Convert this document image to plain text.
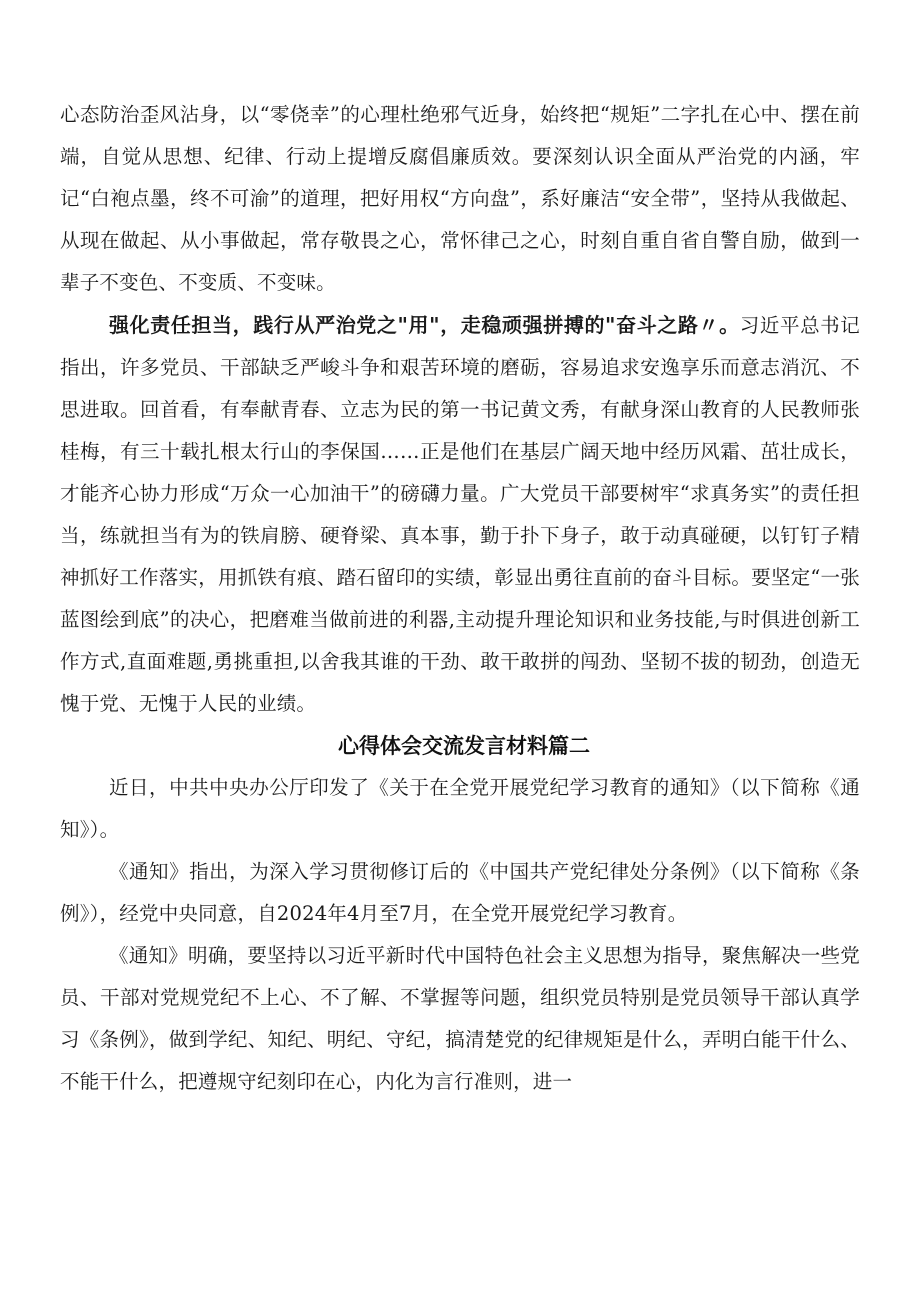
心态防治歪风沾身，以“零侥幸”的心理杜绝邪气近身，始终把“规矩”二字扎在心中、摆在前端，自觉从思想、纪律、行动上提增反腐倡廉质效。要深刻认识全面从严治党的内涵，牢记“白袍点墨，终不可渝”的道理，把好用权“方向盘”，系好廉洁“安全带”，坚持从我做起、从现在做起、从小事做起，常存敬畏之心，常怀律己之心，时刻自重自省自警自励，做到一辈子不变色、不变质、不变味。

强化责任担当，践行从严治党之"用"，走稳顽强拼搏的"奋斗之路〃。习近平总书记指出，许多党员、干部缺乏严峻斗争和艰苦环境的磨砺，容易追求安逸享乐而意志消沉、不思进取。回首看，有奉献青春、立志为民的第一书记黄文秀，有献身深山教育的人民教师张桂梅，有三十载扎根太行山的李保国……正是他们在基层广阔天地中经历风霜、茁壮成长，才能齐心协力形成“万众一心加油干”的磅礴力量。广大党员干部要树牢“求真务实”的责任担当，练就担当有为的铁肩膀、硬脊梁、真本事，勤于扑下身子，敢于动真碰硬，以钉钉子精神抓好工作落实，用抓铁有痕、踏石留印的实绩，彰显出勇往直前的奋斗目标。要坚定“一张蓝图绘到底”的决心，把磨难当做前进的利器,主动提升理论知识和业务技能,与时俱进创新工作方式,直面难题,勇挑重担,以舍我其谁的干劲、敢干敢拼的闯劲、坚韧不拔的韧劲，创造无愧于党、无愧于人民的业绩。

心得体会交流发言材料篇二

近日，中共中央办公厅印发了《关于在全党开展党纪学习教育的通知》（以下简称《通知》）。

《通知》指出，为深入学习贯彻修订后的《中国共产党纪律处分条例》（以下简称《条例》），经党中央同意，自2024年4月至7月，在全党开展党纪学习教育。

《通知》明确，要坚持以习近平新时代中国特色社会主义思想为指导，聚焦解决一些党员、干部对党规党纪不上心、不了解、不掌握等问题，组织党员特别是党员领导干部认真学习《条例》，做到学纪、知纪、明纪、守纪，搞清楚党的纪律规矩是什么，弄明白能干什么、不能干什么，把遵规守纪刻印在心，内化为言行准则，进一
